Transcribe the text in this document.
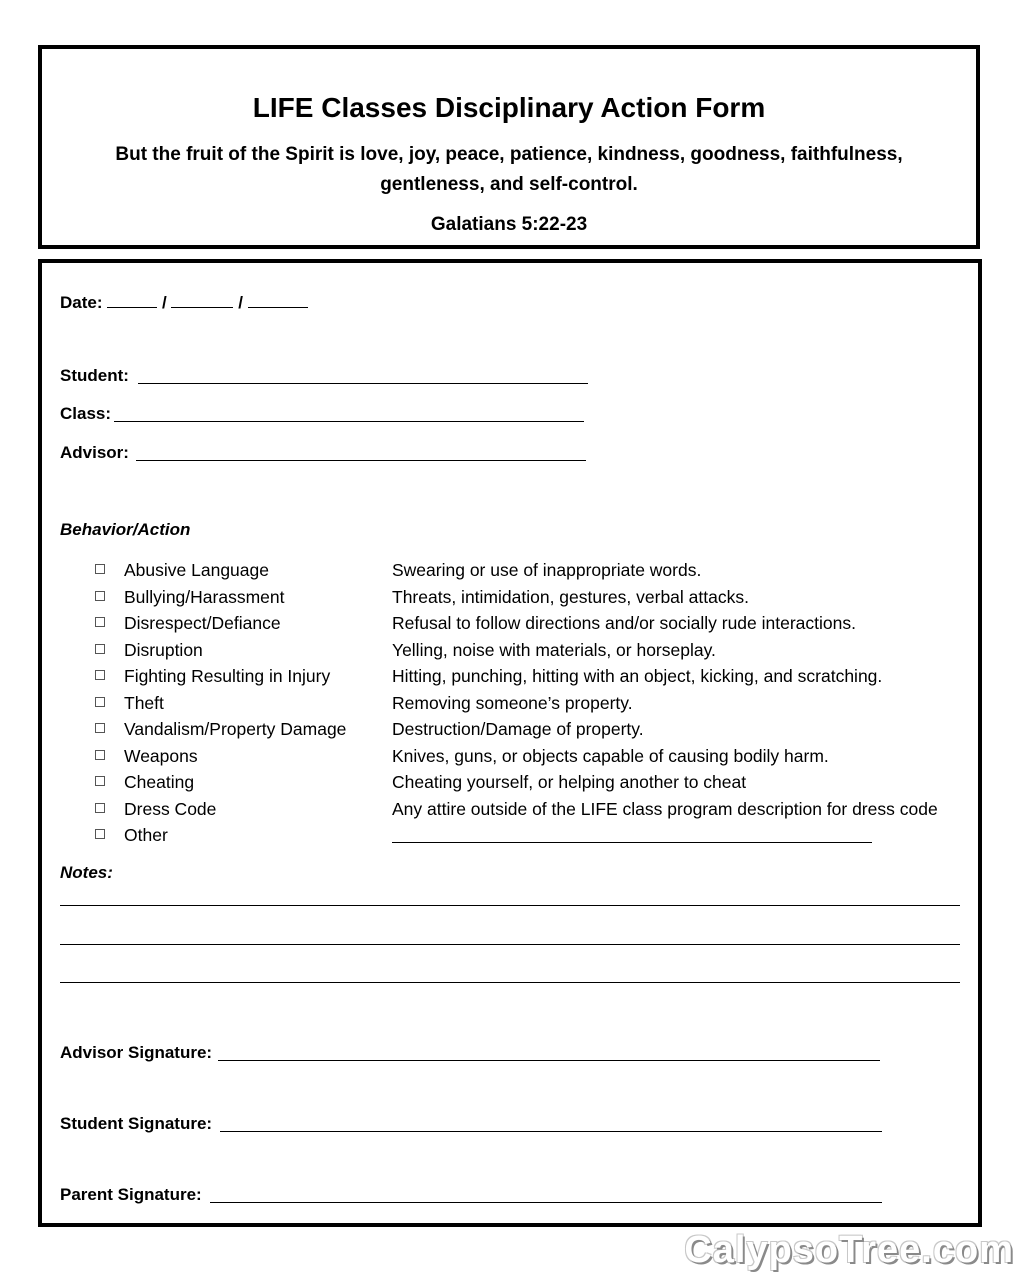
LIFE Classes Disciplinary Action Form
But the fruit of the Spirit is love, joy, peace, patience, kindness, goodness, faithfulness, gentleness, and self-control.
Galatians 5:22-23
Date:	/	/
Student:
Class:
Advisor:
Behavior/Action
Abusive Language	Swearing or use of inappropriate words.
Bullying/Harassment	Threats, intimidation, gestures, verbal attacks.
Disrespect/Defiance	Refusal to follow directions and/or socially rude interactions.
Disruption	Yelling, noise with materials, or horseplay.
Fighting Resulting in Injury	Hitting, punching, hitting with an object, kicking, and scratching.
Theft	Removing someone’s property.
Vandalism/Property Damage	Destruction/Damage of property.
Weapons	Knives, guns, or objects capable of causing bodily harm.
Cheating	Cheating yourself, or helping another to cheat
Dress Code	Any attire outside of the LIFE class program description for dress code
Other
Notes:
Advisor Signature:
Student Signature:
Parent Signature:
CalypsoTree.com
